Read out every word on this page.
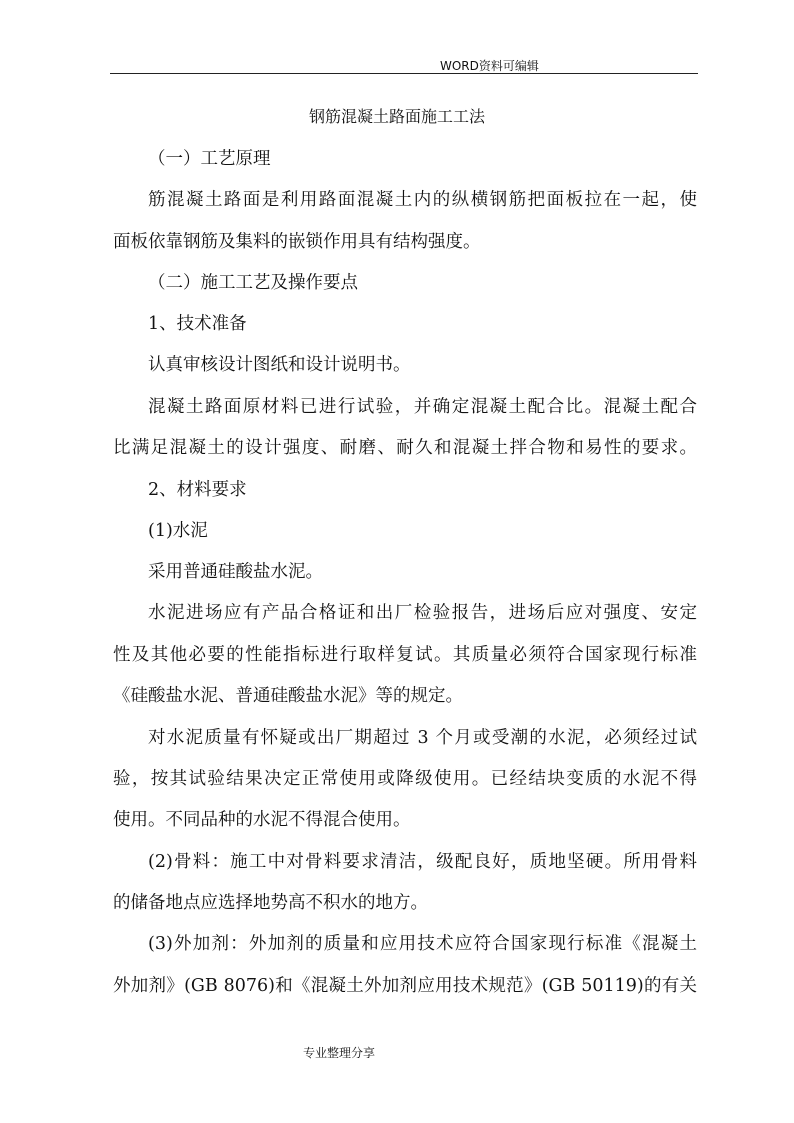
WORD资料可编辑
钢筋混凝土路面施工工法
（一）工艺原理
筋混凝土路面是利用路面混凝土内的纵横钢筋把面板拉在一起，使
面板依靠钢筋及集料的嵌锁作用具有结构强度。
（二）施工工艺及操作要点
1、技术准备
认真审核设计图纸和设计说明书。
混凝土路面原材料已进行试验，并确定混凝土配合比。混凝土配合
比满足混凝土的设计强度、耐磨、耐久和混凝土拌合物和易性的要求。
2、材料要求
(1)水泥
采用普通硅酸盐水泥。
水泥进场应有产品合格证和出厂检验报告，进场后应对强度、安定
性及其他必要的性能指标进行取样复试。其质量必须符合国家现行标准
《硅酸盐水泥、普通硅酸盐水泥》等的规定。
对水泥质量有怀疑或出厂期超过 3 个月或受潮的水泥，必须经过试
验，按其试验结果决定正常使用或降级使用。已经结块变质的水泥不得
使用。不同品种的水泥不得混合使用。
(2)骨料：施工中对骨料要求清洁，级配良好，质地坚硬。所用骨料
的储备地点应选择地势高不积水的地方。
(3)外加剂：外加剂的质量和应用技术应符合国家现行标准《混凝土
外加剂》(GB 8076)和《混凝土外加剂应用技术规范》(GB 50119)的有关
专业整理分享
